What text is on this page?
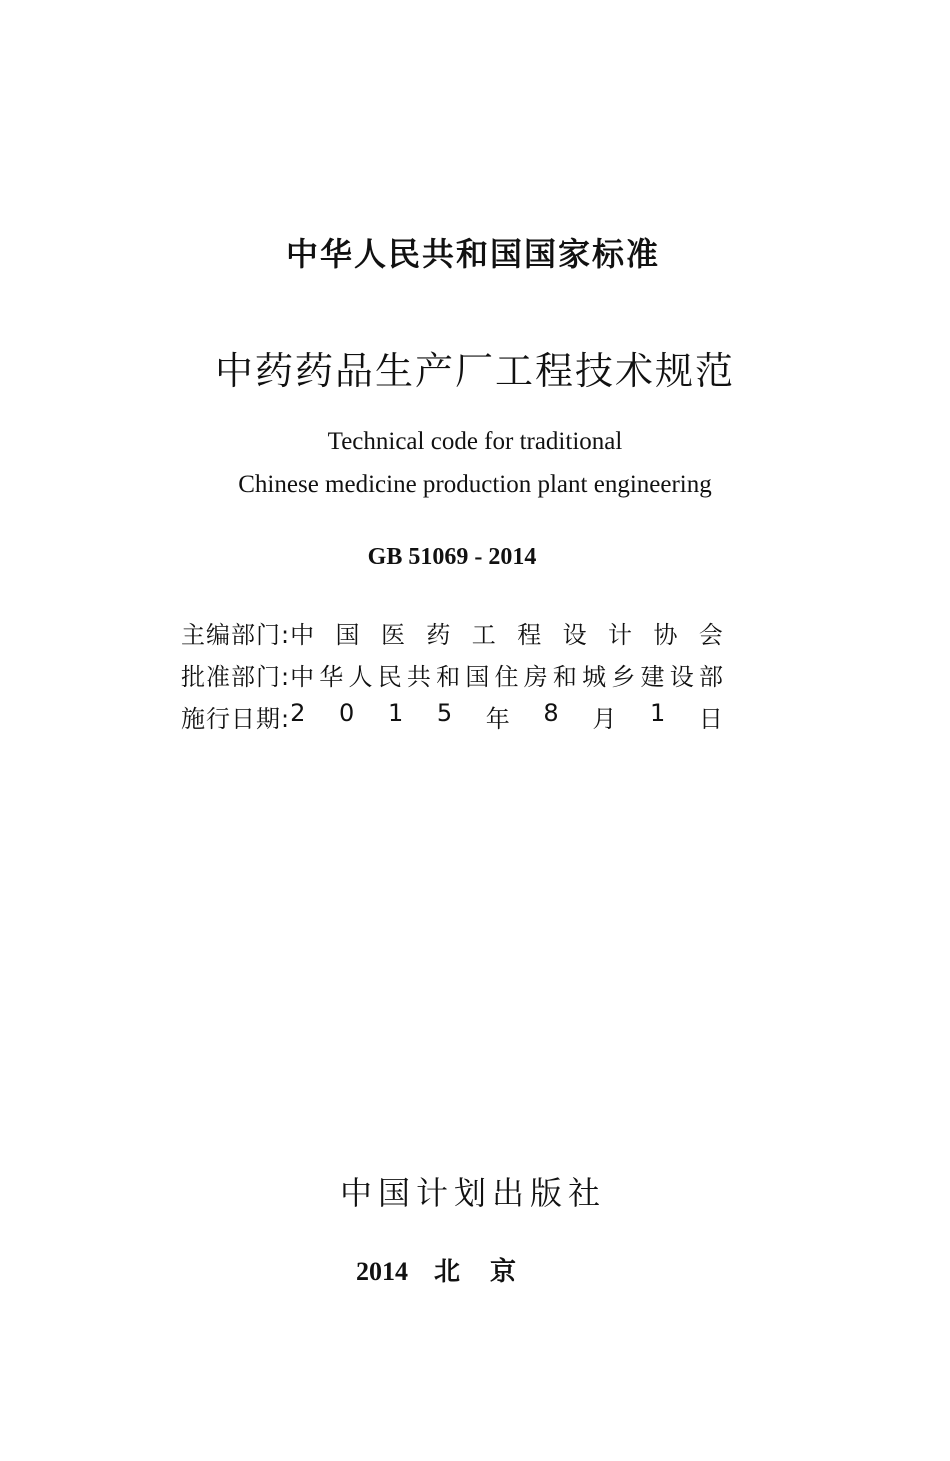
中华人民共和国国家标准
中药药品生产厂工程技术规范
Technical code for traditional
Chinese medicine production plant engineering
GB 51069 - 2014
主编部门: 中 国 医 药 工 程 设 计 协 会
批准部门: 中 华 人 民 共 和 国 住 房 和 城 乡 建 设 部
施行日期: 2 0 1 5 年 8 月 1 日
中国计划出版社
2014 北京
